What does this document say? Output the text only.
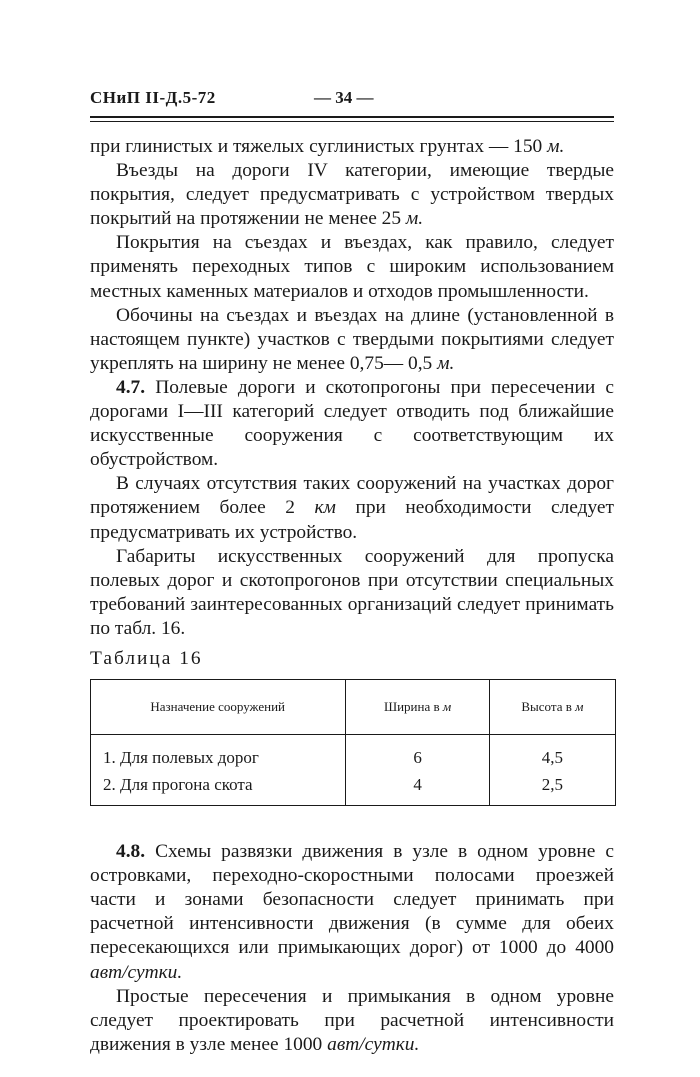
СНиП II-Д.5-72	— 34 —

при глинистых и тяжелых суглинистых грунтах — 150 м.

Въезды на дороги IV категории, имеющие твердые покрытия, следует предусматривать с устройством твердых покрытий на протяжении не менее 25 м.

Покрытия на съездах и въездах, как правило, следует применять переходных типов с широким использованием местных каменных материалов и отходов промышленности.

Обочины на съездах и въездах на длине (установленной в настоящем пункте) участков с твердыми покрытиями следует укреплять на ширину не менее 0,75— 0,5 м.

4.7. Полевые дороги и скотопрогоны при пересечении с дорогами I—III категорий следует отводить под ближайшие искусственные сооружения с соответствующим их обустройством.

В случаях отсутствия таких сооружений на участках дорог протяжением более 2 км при необходимости следует предусматривать их устройство.

Габариты искусственных сооружений для пропуска полевых дорог и скотопрогонов при отсутствии специальных требований заинтересованных организаций следует принимать по табл. 16.

Таблица 16

Назначение сооружений	Ширина в м	Высота в м
1. Для полевых дорог	6	4,5
2. Для прогона скота	4	2,5

4.8. Схемы развязки движения в узле в одном уровне с островками, переходно-скоростными полосами проезжей части и зонами безопасности следует принимать при расчетной интенсивности движения (в сумме для обеих пересекающихся или примыкающих дорог) от 1000 до 4000 авт/сутки.

Простые пересечения и примыкания в одном уровне следует проектировать при расчетной интенсивности движения в узле менее 1000 авт/сутки.
